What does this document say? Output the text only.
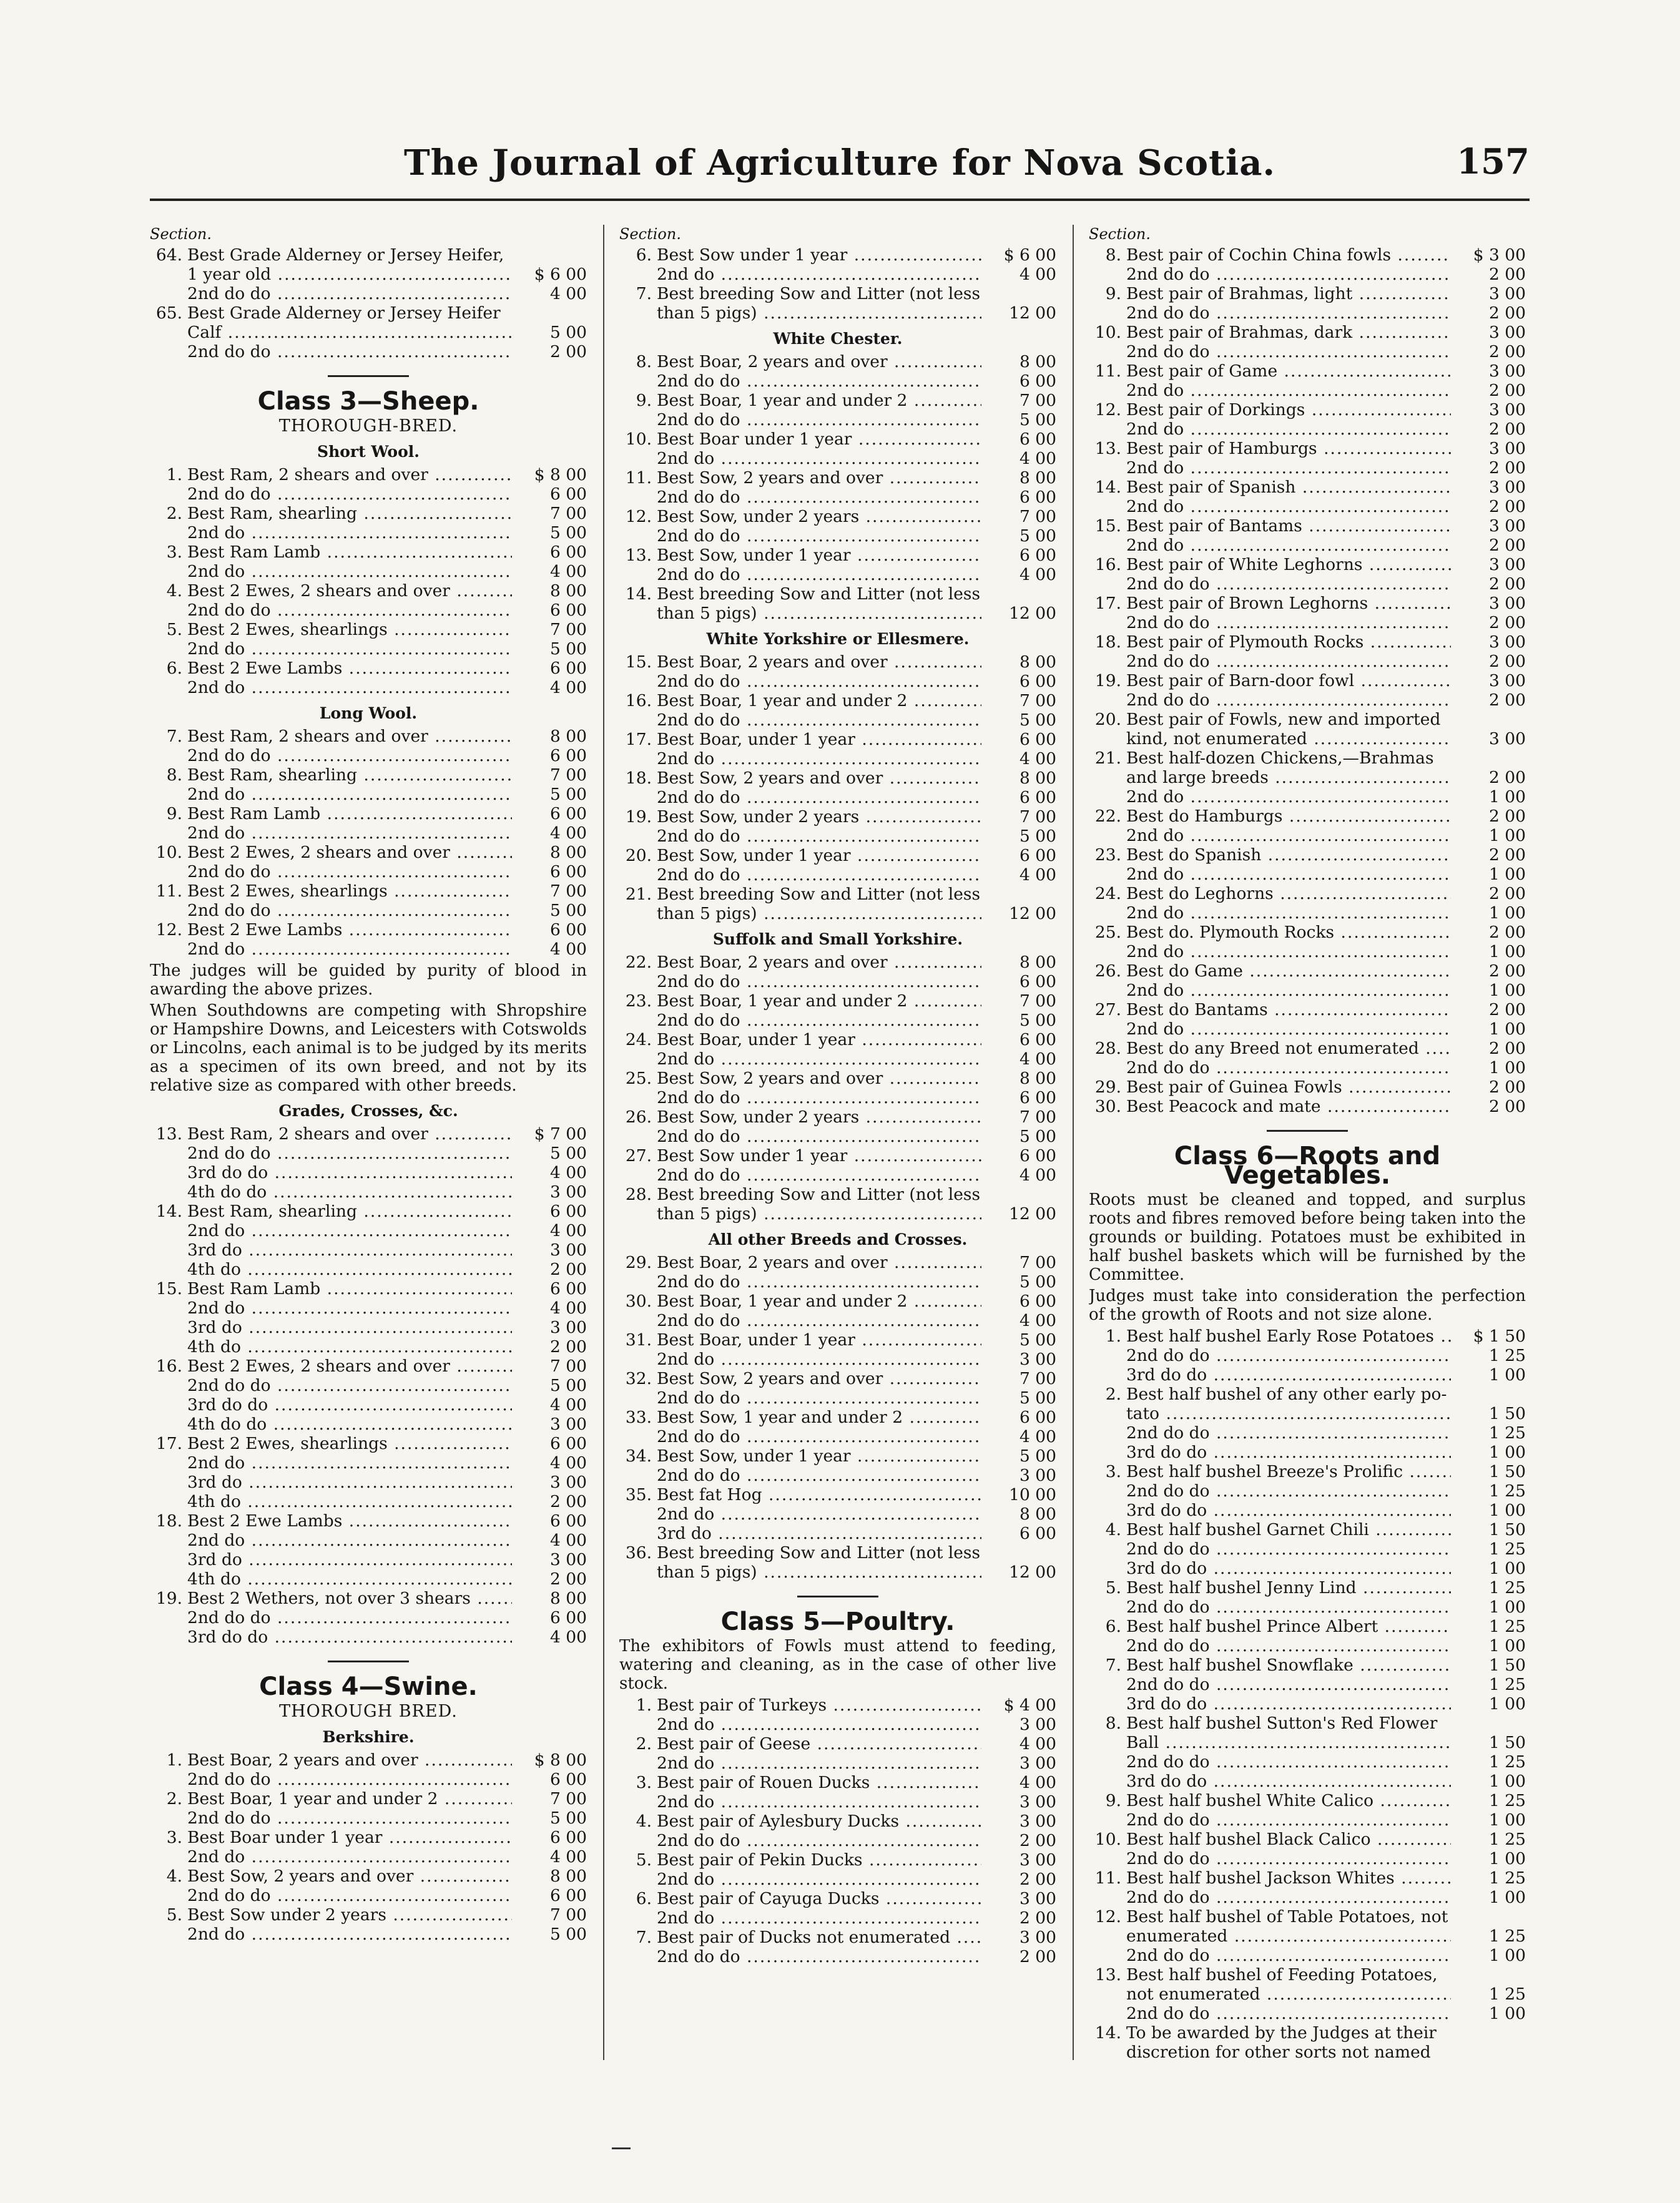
The Journal of Agriculture for Nova Scotia.	157
Section.
64. Best Grade Alderney or Jersey Heifer,
1 year old .....	$ 6 00
2nd do do .....	4 00
65. Best Grade Alderney or Jersey Heifer
Calf .....	5 00
2nd do do .....	2 00
Class 3—Sheep.
THOROUGH-BRED.
Short Wool.
1. Best Ram, 2 shears and over .....	$ 8 00
2nd do do .....	6 00
2. Best Ram, shearling .....	7 00
2nd do .....	5 00
3. Best Ram Lamb .....	6 00
2nd do .....	4 00
4. Best 2 Ewes, 2 shears and over .....	8 00
2nd do do .....	6 00
5. Best 2 Ewes, shearlings .....	7 00
2nd do .....	5 00
6. Best 2 Ewe Lambs .....	6 00
2nd do .....	4 00
Long Wool.
7. Best Ram, 2 shears and over .....	8 00
2nd do do .....	6 00
8. Best Ram, shearling .....	7 00
2nd do .....	5 00
9. Best Ram Lamb .....	6 00
2nd do .....	4 00
10. Best 2 Ewes, 2 shears and over .....	8 00
2nd do do .....	6 00
11. Best 2 Ewes, shearlings .....	7 00
2nd do do .....	5 00
12. Best 2 Ewe Lambs .....	6 00
2nd do .....	4 00
The judges will be guided by purity of blood in awarding the above prizes.
When Southdowns are competing with Shropshire or Hampshire Downs, and Leicesters with Cotswolds or Lincolns, each animal is to be judged by its merits as a specimen of its own breed, and not by its relative size as compared with other breeds.
Grades, Crosses, &c.
13. Best Ram, 2 shears and over .....	$ 7 00
2nd do do .....	5 00
3rd do do .....	4 00
4th do do .....	3 00
14. Best Ram, shearling .....	6 00
2nd do .....	4 00
3rd do .....	3 00
4th do .....	2 00
15. Best Ram Lamb .....	6 00
2nd do .....	4 00
3rd do .....	3 00
4th do .....	2 00
16. Best 2 Ewes, 2 shears and over .....	7 00
2nd do do .....	5 00
3rd do do .....	4 00
4th do do .....	3 00
17. Best 2 Ewes, shearlings .....	6 00
2nd do .....	4 00
3rd do .....	3 00
4th do .....	2 00
18. Best 2 Ewe Lambs .....	6 00
2nd do .....	4 00
3rd do .....	3 00
4th do .....	2 00
19. Best 2 Wethers, not over 3 shears .....	8 00
2nd do do .....	6 00
3rd do do .....	4 00
Class 4—Swine.
THOROUGH BRED.
Berkshire.
1. Best Boar, 2 years and over .....	$ 8 00
2nd do do .....	6 00
2. Best Boar, 1 year and under 2 .....	7 00
2nd do do .....	5 00
3. Best Boar under 1 year .....	6 00
2nd do .....	4 00
4. Best Sow, 2 years and over .....	8 00
2nd do do .....	6 00
5. Best Sow under 2 years .....	7 00
2nd do .....	5 00
Section.
6. Best Sow under 1 year .....	$ 6 00
2nd do .....	4 00
7. Best breeding Sow and Litter (not less
than 5 pigs) .....	12 00
White Chester.
8. Best Boar, 2 years and over .....	8 00
2nd do do .....	6 00
9. Best Boar, 1 year and under 2 .....	7 00
2nd do do .....	5 00
10. Best Boar under 1 year .....	6 00
2nd do .....	4 00
11. Best Sow, 2 years and over .....	8 00
2nd do do .....	6 00
12. Best Sow, under 2 years .....	7 00
2nd do do .....	5 00
13. Best Sow, under 1 year .....	6 00
2nd do do .....	4 00
14. Best breeding Sow and Litter (not less
than 5 pigs) .....	12 00
White Yorkshire or Ellesmere.
15. Best Boar, 2 years and over .....	8 00
2nd do do .....	6 00
16. Best Boar, 1 year and under 2 .....	7 00
2nd do do .....	5 00
17. Best Boar, under 1 year .....	6 00
2nd do .....	4 00
18. Best Sow, 2 years and over .....	8 00
2nd do do .....	6 00
19. Best Sow, under 2 years .....	7 00
2nd do do .....	5 00
20. Best Sow, under 1 year .....	6 00
2nd do do .....	4 00
21. Best breeding Sow and Litter (not less
than 5 pigs) .....	12 00
Suffolk and Small Yorkshire.
22. Best Boar, 2 years and over .....	8 00
2nd do do .....	6 00
23. Best Boar, 1 year and under 2 .....	7 00
2nd do do .....	5 00
24. Best Boar, under 1 year .....	6 00
2nd do .....	4 00
25. Best Sow, 2 years and over .....	8 00
2nd do do .....	6 00
26. Best Sow, under 2 years .....	7 00
2nd do do .....	5 00
27. Best Sow under 1 year .....	6 00
2nd do do .....	4 00
28. Best breeding Sow and Litter (not less
than 5 pigs) .....	12 00
All other Breeds and Crosses.
29. Best Boar, 2 years and over .....	7 00
2nd do do .....	5 00
30. Best Boar, 1 year and under 2 .....	6 00
2nd do do .....	4 00
31. Best Boar, under 1 year .....	5 00
2nd do .....	3 00
32. Best Sow, 2 years and over .....	7 00
2nd do do .....	5 00
33. Best Sow, 1 year and under 2 .....	6 00
2nd do do .....	4 00
34. Best Sow, under 1 year .....	5 00
2nd do do .....	3 00
35. Best fat Hog .....	10 00
2nd do .....	8 00
3rd do .....	6 00
36. Best breeding Sow and Litter (not less
than 5 pigs) .....	12 00
Class 5—Poultry.
The exhibitors of Fowls must attend to feeding, watering and cleaning, as in the case of other live stock.
1. Best pair of Turkeys .....	$ 4 00
2nd do .....	3 00
2. Best pair of Geese .....	4 00
2nd do .....	3 00
3. Best pair of Rouen Ducks .....	4 00
2nd do .....	3 00
4. Best pair of Aylesbury Ducks .....	3 00
2nd do do .....	2 00
5. Best pair of Pekin Ducks .....	3 00
2nd do .....	2 00
6. Best pair of Cayuga Ducks .....	3 00
2nd do .....	2 00
7. Best pair of Ducks not enumerated .....	3 00
2nd do do .....	2 00
Section.
8. Best pair of Cochin China fowls .....	$ 3 00
2nd do do .....	2 00
9. Best pair of Brahmas, light .....	3 00
2nd do do .....	2 00
10. Best pair of Brahmas, dark .....	3 00
2nd do do .....	2 00
11. Best pair of Game .....	3 00
2nd do .....	2 00
12. Best pair of Dorkings .....	3 00
2nd do .....	2 00
13. Best pair of Hamburgs .....	3 00
2nd do .....	2 00
14. Best pair of Spanish .....	3 00
2nd do .....	2 00
15. Best pair of Bantams .....	3 00
2nd do .....	2 00
16. Best pair of White Leghorns .....	3 00
2nd do do .....	2 00
17. Best pair of Brown Leghorns .....	3 00
2nd do do .....	2 00
18. Best pair of Plymouth Rocks .....	3 00
2nd do do .....	2 00
19. Best pair of Barn-door fowl .....	3 00
2nd do do .....	2 00
20. Best pair of Fowls, new and imported
kind, not enumerated .....	3 00
21. Best half-dozen Chickens,—Brahmas
and large breeds .....	2 00
2nd do .....	1 00
22. Best do Hamburgs .....	2 00
2nd do .....	1 00
23. Best do Spanish .....	2 00
2nd do .....	1 00
24. Best do Leghorns .....	2 00
2nd do .....	1 00
25. Best do. Plymouth Rocks .....	2 00
2nd do .....	1 00
26. Best do Game .....	2 00
2nd do .....	1 00
27. Best do Bantams .....	2 00
2nd do .....	1 00
28. Best do any Breed not enumerated .....	2 00
2nd do do .....	1 00
29. Best pair of Guinea Fowls .....	2 00
30. Best Peacock and mate .....	2 00
Class 6—Roots and Vegetables.
Roots must be cleaned and topped, and surplus roots and fibres removed before being taken into the grounds or building. Potatoes must be exhibited in half bushel baskets which will be furnished by the Committee.
Judges must take into consideration the perfection of the growth of Roots and not size alone.
1. Best half bushel Early Rose Potatoes .....	$ 1 50
2nd do do .....	1 25
3rd do do .....	1 00
2. Best half bushel of any other early po-
tato .....	1 50
2nd do do .....	1 25
3rd do do .....	1 00
3. Best half bushel Breeze's Prolific .....	1 50
2nd do do .....	1 25
3rd do do .....	1 00
4. Best half bushel Garnet Chili .....	1 50
2nd do do .....	1 25
3rd do do .....	1 00
5. Best half bushel Jenny Lind .....	1 25
2nd do do .....	1 00
6. Best half bushel Prince Albert .....	1 25
2nd do do .....	1 00
7. Best half bushel Snowflake .....	1 50
2nd do do .....	1 25
3rd do do .....	1 00
8. Best half bushel Sutton's Red Flower
Ball .....	1 50
2nd do do .....	1 25
3rd do do .....	1 00
9. Best half bushel White Calico .....	1 25
2nd do do .....	1 00
10. Best half bushel Black Calico .....	1 25
2nd do do .....	1 00
11. Best half bushel Jackson Whites .....	1 25
2nd do do .....	1 00
12. Best half bushel of Table Potatoes, not
enumerated .....	1 25
2nd do do .....	1 00
13. Best half bushel of Feeding Potatoes,
not enumerated .....	1 25
2nd do do .....	1 00
14. To be awarded by the Judges at their
discretion for other sorts not named
